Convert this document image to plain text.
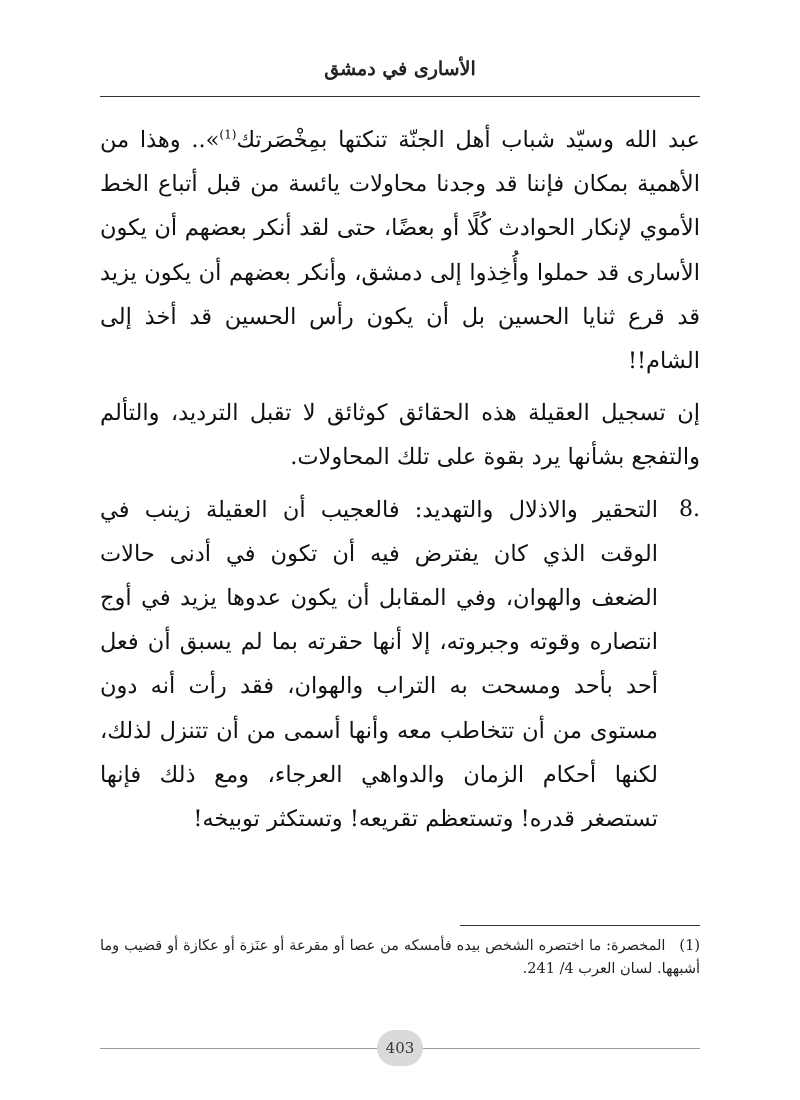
الأسارى في دمشق

عبد الله وسيّد شباب أهل الجنّة تنكتها بمِخْصَرتك$^{(1)}$».. وهذا من الأهمية بمكان فإننا قد وجدنا محاولات يائسة من قبل أتباع الخط الأموي لإنكار الحوادث كُلًا أو بعضًا، حتى لقد أنكر بعضهم أن يكون الأسارى قد حملوا وأُخِذوا إلى دمشق، وأنكر بعضهم أن يكون يزيد قد قرع ثنايا الحسين بل أن يكون رأس الحسين قد أخذ إلى الشام!!

إن تسجيل العقيلة هذه الحقائق كوثائق لا تقبل الترديد، والتألم والتفجع بشأنها يرد بقوة على تلك المحاولات.

8.
التحقير والاذلال والتهديد: فالعجيب أن العقيلة زينب في الوقت الذي كان يفترض فيه أن تكون في أدنى حالات الضعف والهوان، وفي المقابل أن يكون عدوها يزيد في أوج انتصاره وقوته وجبروته، إلا أنها حقرته بما لم يسبق أن فعل أحد بأحد ومسحت به التراب والهوان، فقد رأت أنه دون مستوى من أن تتخاطب معه وأنها أسمى من أن تتنزل لذلك، لكنها أحكام الزمان والدواهي العرجاء، ومع ذلك فإنها تستصغر قدره! وتستعظم تقريعه! وتستكثر توبيخه!

(1)المخصرة: ما اختصره الشخص بيده فأمسكه من عصا أو مقرعة أو عنَزة أو عكازة أو قضيب وما أشبهها. لسان العرب 4/ 241.
403
